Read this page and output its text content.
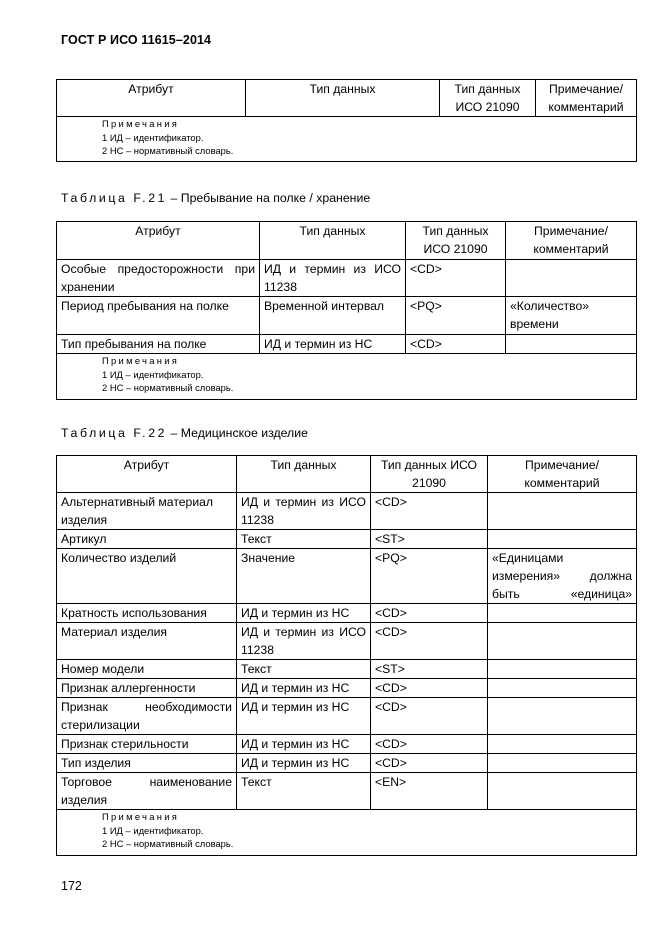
ГОСТ Р ИСО 11615–2014
Атрибут	Тип данных	Тип данных ИСО 21090	Примечание/ комментарий

Примечания
1 ИД – идентификатор.
2 НС – нормативный словарь.
Таблица F.21 – Пребывание на полке / хранение
Атрибут	Тип данных	Тип данных ИСО 21090	Примечание/ комментарий
Особые предосторожности при хранении	ИД и термин из ИСО 11238	<CD>	
Период пребывания на полке	Временной интервал	<PQ>	«Количество» времени
Тип пребывания на полке	ИД и термин из НС	<CD>	

Примечания
1 ИД – идентификатор.
2 НС – нормативный словарь.			
Таблица F.22 – Медицинское изделие
Атрибут	Тип данных	Тип данных ИСО 21090	Примечание/ комментарий
Альтернативный материал изделия	ИД и термин из ИСО 11238	<CD>	
Артикул	Текст	<ST>	
Количество изделий	Значение	<PQ>	«Единицами измерения» должна быть «единица»
Кратность использования	ИД и термин из НС	<CD>	
Материал изделия	ИД и термин из ИСО 11238	<CD>	
Номер модели	Текст	<ST>	
Признак аллергенности	ИД и термин из НС	<CD>	
Признак необходимости стерилизации	ИД и термин из НС	<CD>	
Признак стерильности	ИД и термин из НС	<CD>	
Тип изделия	ИД и термин из НС	<CD>	
Торговое наименование изделия	Текст	<EN>	

Примечания
1 ИД – идентификатор.
2 НС – нормативный словарь.			
172
